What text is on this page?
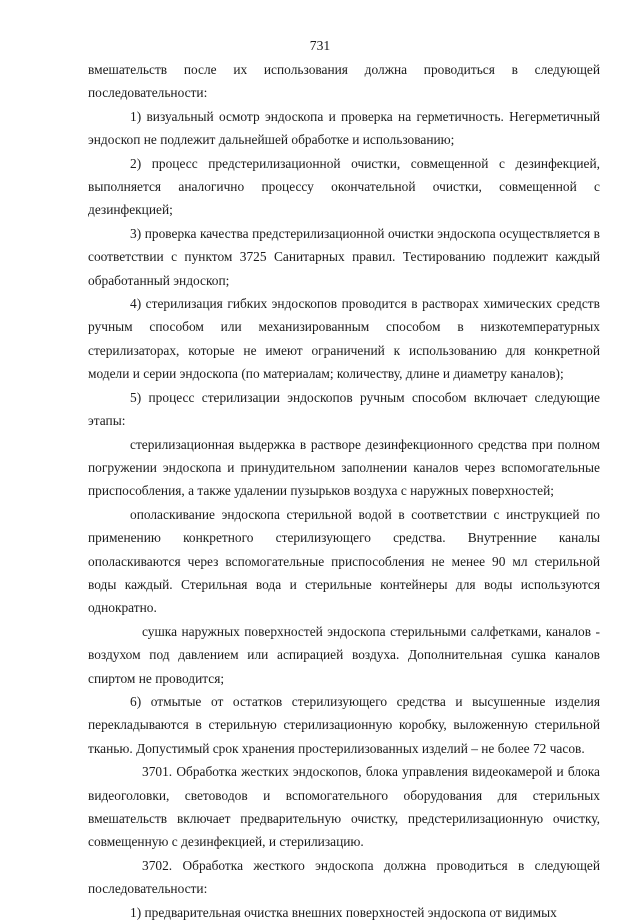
731

вмешательств после их использования должна проводиться в следующей последовательности:

1) визуальный осмотр эндоскопа и проверка на герметичность. Негерметичный эндоскоп не подлежит дальнейшей обработке и использованию;

2) процесс предстерилизационной очистки, совмещенной с дезинфекцией, выполняется аналогично процессу окончательной очистки, совмещенной с дезинфекцией;

3) проверка качества предстерилизационной очистки эндоскопа осуществляется в соответствии с пунктом 3725 Санитарных правил. Тестированию подлежит каждый обработанный эндоскоп;

4) стерилизация гибких эндоскопов проводится в растворах химических средств ручным способом или механизированным способом в низкотемпературных стерилизаторах, которые не имеют ограничений к использованию для конкретной модели и серии эндоскопа (по материалам; количеству, длине и диаметру каналов);

5) процесс стерилизации эндоскопов ручным способом включает следующие этапы:

стерилизационная выдержка в растворе дезинфекционного средства при полном погружении эндоскопа и принудительном заполнении каналов через вспомогательные приспособления, а также удалении пузырьков воздуха с наружных поверхностей;

ополаскивание эндоскопа стерильной водой в соответствии с инструкцией по применению конкретного стерилизующего средства. Внутренние каналы ополаскиваются через вспомогательные приспособления не менее 90 мл стерильной воды каждый. Стерильная вода и стерильные контейнеры для воды используются однократно.

сушка наружных поверхностей эндоскопа стерильными салфетками, каналов - воздухом под давлением или аспирацией воздуха. Дополнительная сушка каналов спиртом не проводится;

6) отмытые от остатков стерилизующего средства и высушенные изделия перекладываются в стерильную стерилизационную коробку, выложенную стерильной тканью. Допустимый срок хранения простерилизованных изделий – не более 72 часов.

3701. Обработка жестких эндоскопов, блока управления видеокамерой и блока видеоголовки, световодов и вспомогательного оборудования для стерильных вмешательств включает предварительную очистку, предстерилизационную очистку, совмещенную с дезинфекцией, и стерилизацию.

3702. Обработка жесткого эндоскопа должна проводиться в следующей последовательности:

1) предварительная очистка внешних поверхностей эндоскопа от видимых
